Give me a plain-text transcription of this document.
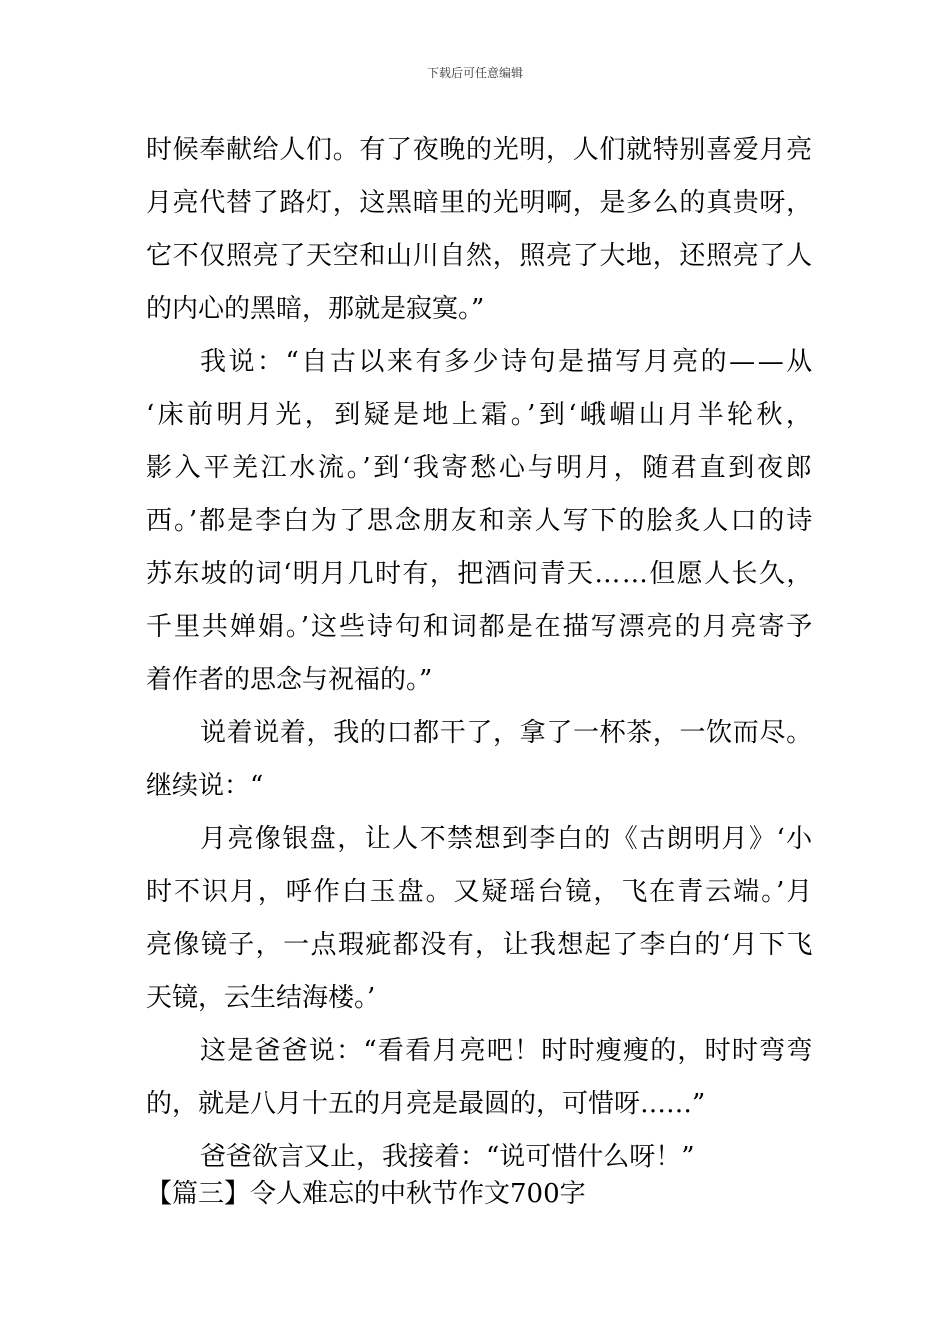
下载后可任意编辑
时候奉献给人们。有了夜晚的光明，人们就特别喜爱月亮
月亮代替了路灯，这黑暗里的光明啊，是多么的真贵呀，
它不仅照亮了天空和山川自然，照亮了大地，还照亮了人
的内心的黑暗，那就是寂寞。”
我说：“自古以来有多少诗句是描写月亮的——从
‘床前明月光，到疑是地上霜。’到‘峨嵋山月半轮秋，
影入平羌江水流。’到‘我寄愁心与明月，随君直到夜郎
西。’都是李白为了思念朋友和亲人写下的脍炙人口的诗
苏东坡的词‘明月几时有，把酒问青天……但愿人长久，
千里共婵娟。’这些诗句和词都是在描写漂亮的月亮寄予
着作者的思念与祝福的。”
说着说着，我的口都干了，拿了一杯茶，一饮而尽。
继续说：“
月亮像银盘，让人不禁想到李白的《古朗明月》‘小
时不识月，呼作白玉盘。又疑瑶台镜，飞在青云端。’月
亮像镜子，一点瑕疵都没有，让我想起了李白的‘月下飞
天镜，云生结海楼。’
这是爸爸说：“看看月亮吧！时时瘦瘦的，时时弯弯
的，就是八月十五的月亮是最圆的，可惜呀……”
爸爸欲言又止，我接着：“说可惜什么呀！”
【篇三】令人难忘的中秋节作文700字
